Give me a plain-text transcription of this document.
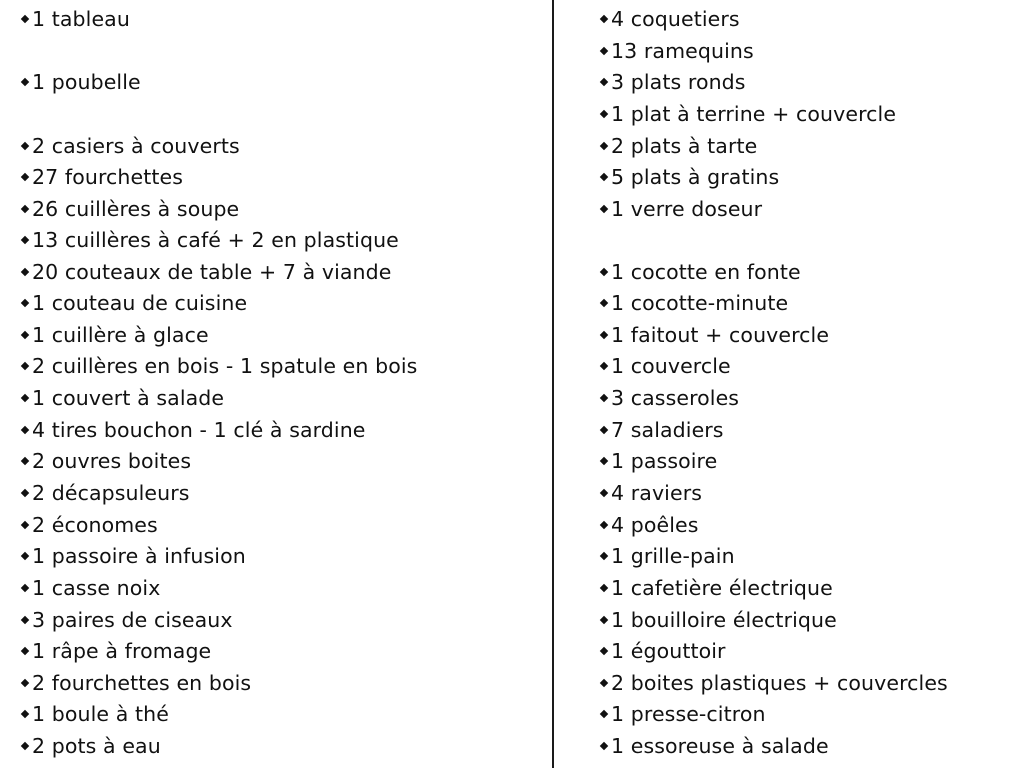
1 tableau
1 poubelle
2 casiers à couverts
27 fourchettes
26 cuillères à soupe
13 cuillères à café + 2 en plastique
20 couteaux de table + 7 à viande
1 couteau de cuisine
1 cuillère à glace
2 cuillères en bois - 1 spatule en bois
1 couvert à salade
4 tires bouchon - 1 clé à sardine
2 ouvres boites
2 décapsuleurs
2 économes
1 passoire à infusion
1 casse noix
3 paires de ciseaux
1 râpe à fromage
2 fourchettes en bois
1 boule à thé
2 pots à eau
4 coquetiers
13 ramequins
3 plats ronds
1 plat à terrine + couvercle
2 plats à tarte
5 plats à gratins
1 verre doseur
1 cocotte en fonte
1 cocotte-minute
1 faitout + couvercle
1 couvercle
3 casseroles
7 saladiers
1 passoire
4 raviers
4 poêles
1 grille-pain
1 cafetière électrique
1 bouilloire électrique
1 égouttoir
2 boites plastiques + couvercles
1 presse-citron
1 essoreuse à salade
